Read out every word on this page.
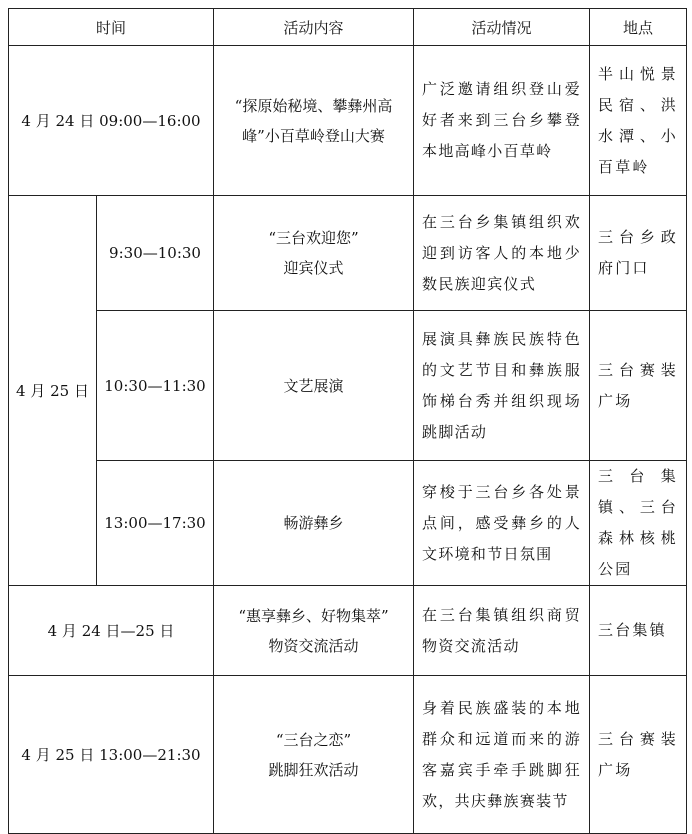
时间		活动内容	活动情况	地点
4 月 24 日 09:00—16:00		“探原始秘境、攀彝州高
峰”小百草岭登山大赛	广泛邀请组织登山爱好者来到三台乡攀登本地高峰小百草岭	半山悦景民宿、洪水潭、小百草岭
4 月 25 日	9:30—10:30	“三台欢迎您”
迎宾仪式	在三台乡集镇组织欢迎到访客人的本地少数民族迎宾仪式	三台乡政府门口
	10:30—11:30	文艺展演	展演具彝族民族特色的文艺节目和彝族服饰梯台秀并组织现场跳脚活动	三台赛装广场
	13:00—17:30	畅游彝乡	穿梭于三台乡各处景点间，感受彝乡的人文环境和节日氛围	三台集镇、三台森林核桃公园
4 月 24 日—25 日		“惠享彝乡、好物集萃”
物资交流活动	在三台集镇组织商贸物资交流活动	三台集镇
4 月 25 日 13:00—21:30		“三台之恋”
跳脚狂欢活动	身着民族盛装的本地群众和远道而来的游客嘉宾手牵手跳脚狂欢，共庆彝族赛装节	三台赛装广场
